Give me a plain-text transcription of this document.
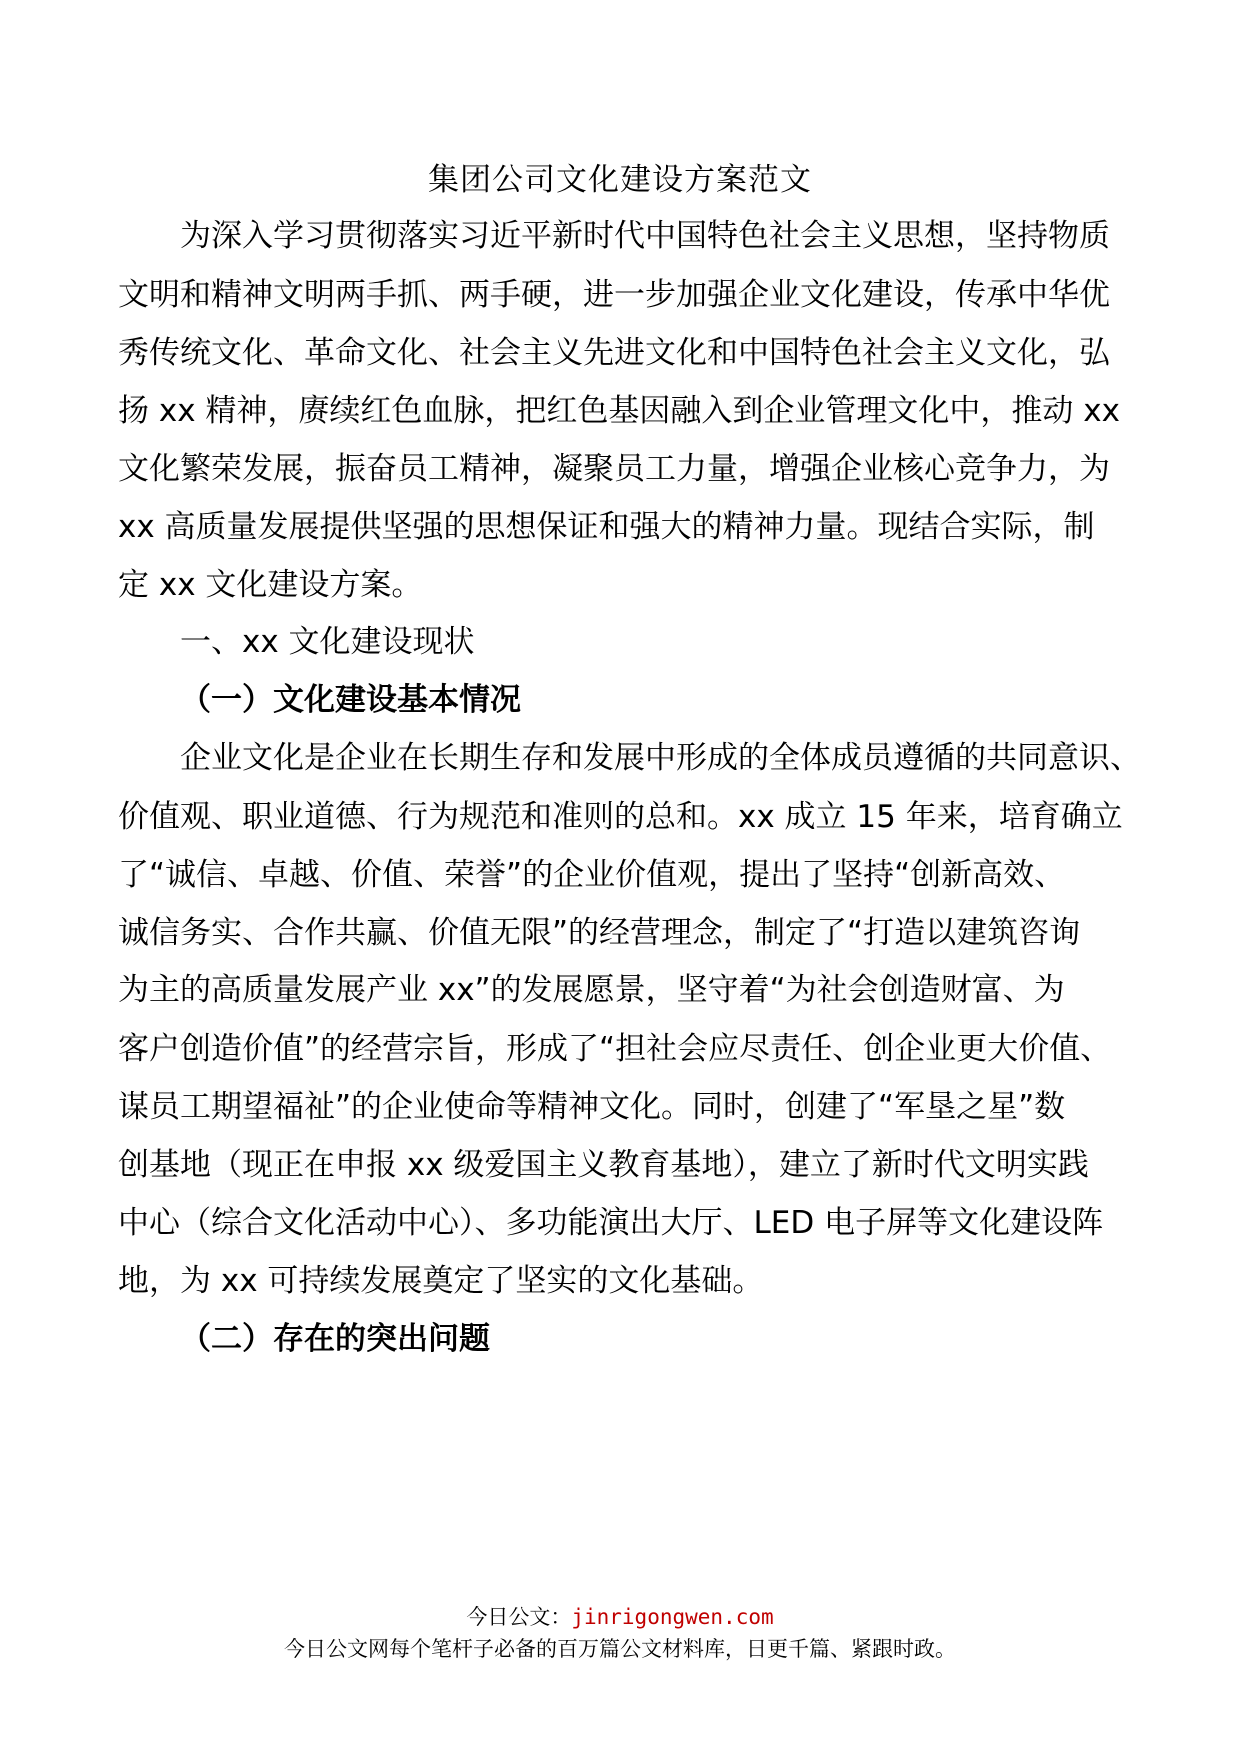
集团公司文化建设方案范文
为深入学习贯彻落实习近平新时代中国特色社会主义思想，坚持物质
文明和精神文明两手抓、两手硬，进一步加强企业文化建设，传承中华优
秀传统文化、革命文化、社会主义先进文化和中国特色社会主义文化，弘
扬 xx 精神，赓续红色血脉，把红色基因融入到企业管理文化中，推动 xx
文化繁荣发展，振奋员工精神，凝聚员工力量，增强企业核心竞争力，为
xx 高质量发展提供坚强的思想保证和强大的精神力量。现结合实际，制
定 xx 文化建设方案。
一、xx 文化建设现状
（一）文化建设基本情况
企业文化是企业在长期生存和发展中形成的全体成员遵循的共同意识、
价值观、职业道德、行为规范和准则的总和。xx 成立 15 年来，培育确立
了“诚信、卓越、价值、荣誉”的企业价值观，提出了坚持“创新高效、
诚信务实、合作共赢、价值无限”的经营理念，制定了“打造以建筑咨询
为主的高质量发展产业 xx”的发展愿景，坚守着“为社会创造财富、为
客户创造价值”的经营宗旨，形成了“担社会应尽责任、创企业更大价值、
谋员工期望福祉”的企业使命等精神文化。同时，创建了“军垦之星”数
创基地（现正在申报 xx 级爱国主义教育基地），建立了新时代文明实践
中心（综合文化活动中心）、多功能演出大厅、LED 电子屏等文化建设阵
地，为 xx 可持续发展奠定了坚实的文化基础。
（二）存在的突出问题
今日公文：jinrigongwen.com
今日公文网每个笔杆子必备的百万篇公文材料库，日更千篇、紧跟时政。
